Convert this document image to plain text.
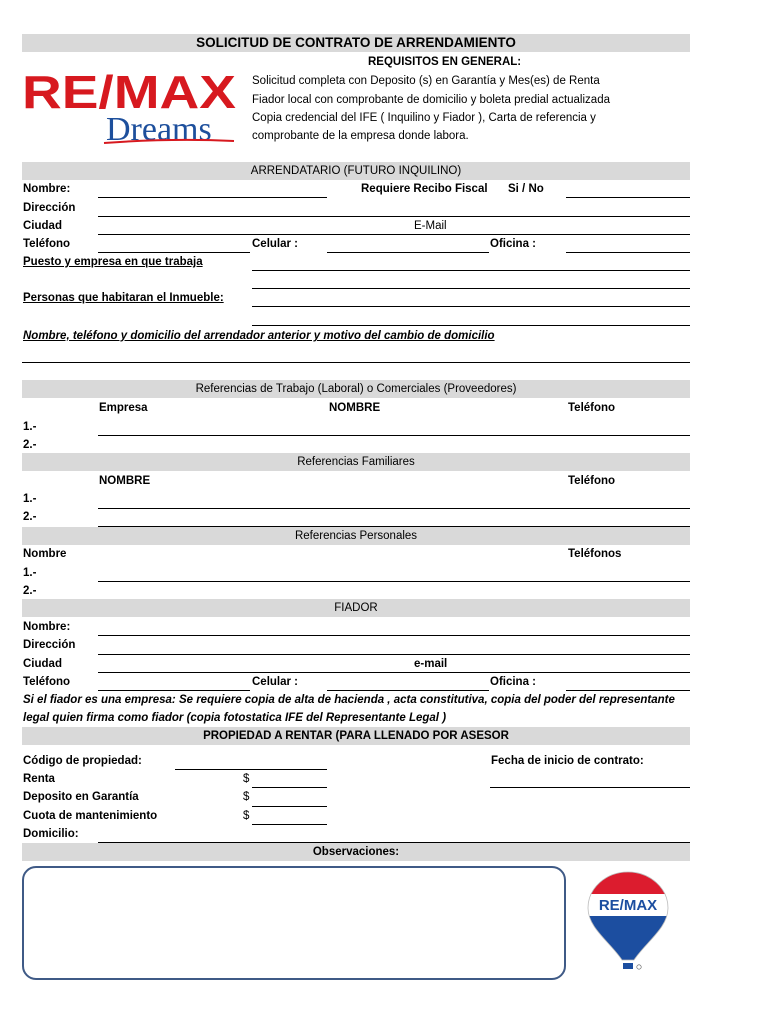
SOLICITUD DE CONTRATO DE ARRENDAMIENTO
RE/MAX
Dreams
REQUISITOS EN GENERAL:
Solicitud completa con Deposito (s) en Garantía y Mes(es) de Renta
Fiador local con comprobante de domicilio y boleta predial actualizada
Copia credencial del IFE ( Inquilino y Fiador ), Carta de referencia y
comprobante de la empresa donde labora.
ARRENDATARIO (FUTURO INQUILINO)
Nombre:	Requiere Recibo Fiscal Si / No
Dirección
Ciudad	E-Mail
Teléfono	Celular :	Oficina :
Puesto y empresa en que trabaja
Personas que habitaran el Inmueble:
Nombre, teléfono y domicilio del arrendador anterior y motivo del cambio de domicilio
Referencias de Trabajo (Laboral) o Comerciales (Proveedores)
Empresa	NOMBRE	Teléfono
1.-
2.-
Referencias Familiares
NOMBRE	Teléfono
1.-
2.-
Referencias Personales
Nombre	Teléfonos
1.-
2.-
FIADOR
Nombre:
Dirección
Ciudad	e-mail
Teléfono	Celular :	Oficina :
Si el fiador es una empresa: Se requiere copia de alta de hacienda , acta constitutiva, copia del poder del representante
legal quien firma como fiador (copia fotostatica IFE del Representante Legal )
PROPIEDAD A RENTAR (PARA LLENADO POR ASESOR
Código de propiedad:	Fecha de inicio de contrato:
Renta	$
Deposito en Garantía	$
Cuota de mantenimiento	$
Domicilio:
Observaciones:
RE/MAX
